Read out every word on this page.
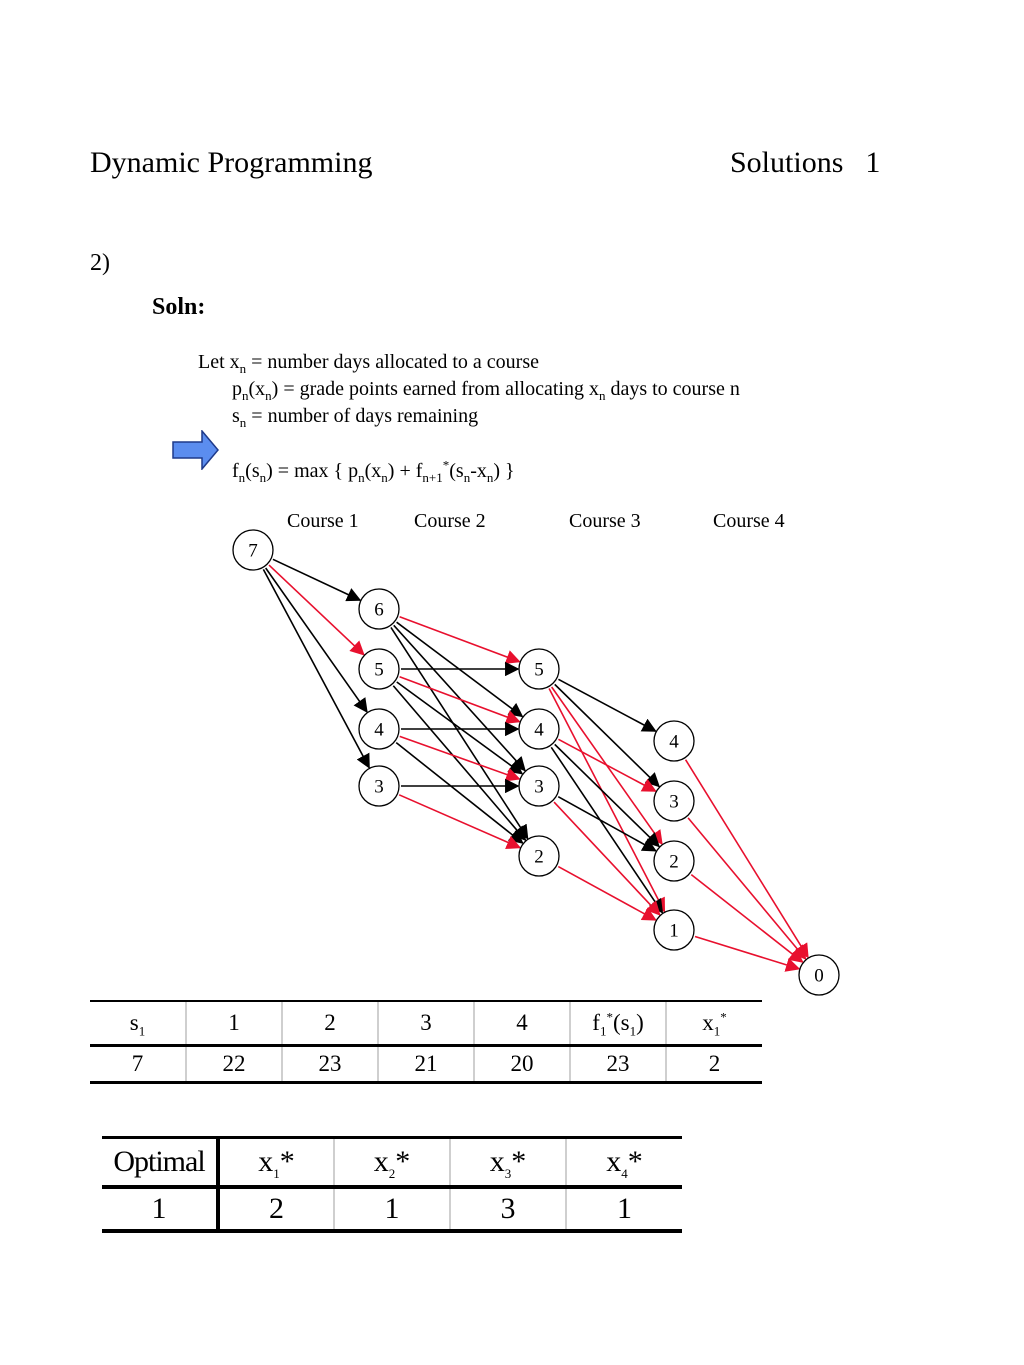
Dynamic Programming	Solutions 1
2)
Soln:
Let $x_n$ = number days allocated to a course
$p_n(x_n)$ = grade points earned from allocating $x_n$ days to course n
$s_n$ = number of days remaining
$f_n(s_n) = \max$ { $p_n(x_n) + f_{n+1}^*(s_n-x_n)$ }
Course 1	Course 2	Course 3	Course 4
7
6
5
4
3
5
4
3
2
4
3
2
1
0
$s_1$	1	2	3	4	$f_1^*(s_1)$	$x_1^*$
7	22	23	21	20	23	2
Optimal	$x_1*$	$x_2*$	$x_3*$	$x_4*$
1	2	1	3	1
